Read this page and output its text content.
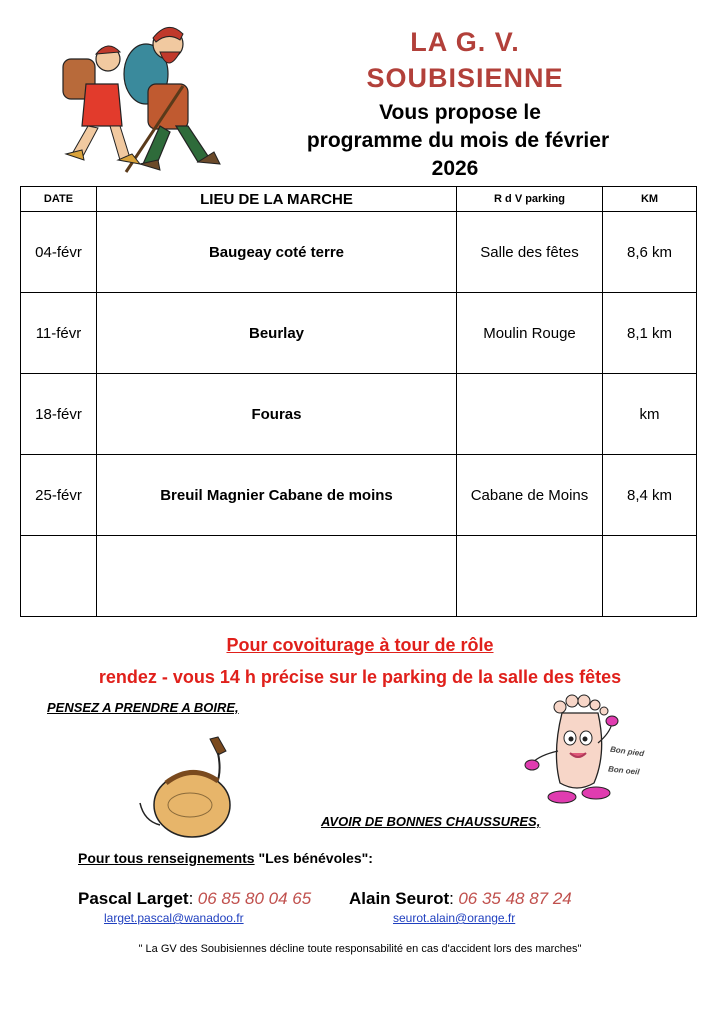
LA G. V.
SOUBISIENNE
Vous propose le
programme du mois de février
2026
DATE	LIEU DE LA MARCHE	R d V parking	KM
04-févr	Baugeay coté terre	Salle des fêtes	8,6 km
11-févr	Beurlay	Moulin Rouge	8,1 km
18-févr	Fouras		km
25-févr	Breuil Magnier Cabane de moins	Cabane de Moins	8,4 km

Pour covoiturage à tour de rôle
rendez - vous 14 h précise sur le parking de la salle des fêtes
PENSEZ A PRENDRE A BOIRE,
Bon pied
Bon oeil
AVOIR DE BONNES CHAUSSURES,
Pour tous renseignements "Les bénévoles":
Pascal Larget: 06 85 80 04 65
larget.pascal@wanadoo.fr
Alain Seurot: 06 35 48 87 24
seurot.alain@orange.fr
" La GV des Soubisiennes décline toute responsabilité en cas d'accident lors des marches"
